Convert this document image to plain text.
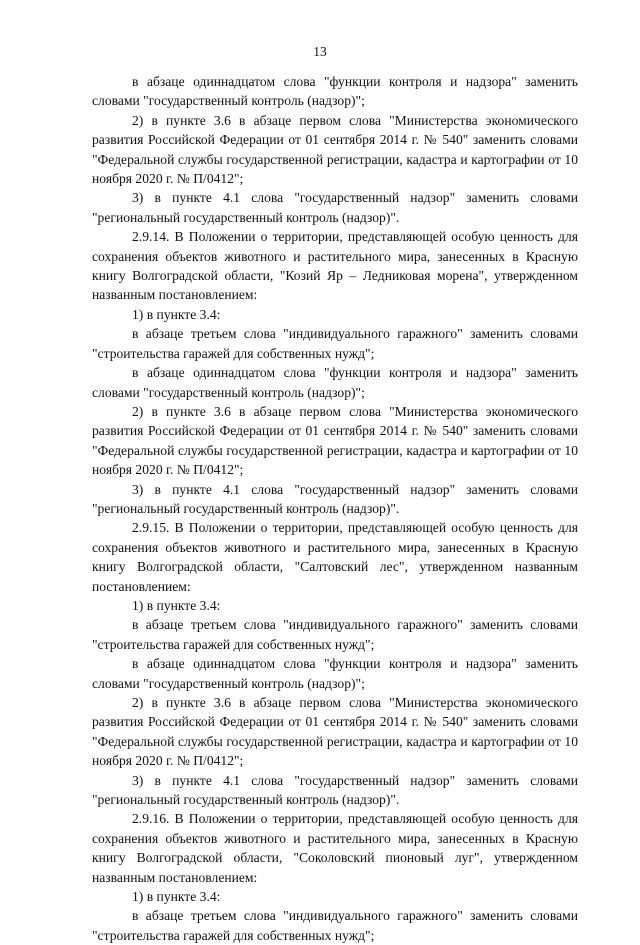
13

в абзаце одиннадцатом слова "функции контроля и надзора" заменить словами "государственный контроль (надзор)";

2) в пункте 3.6 в абзаце первом слова "Министерства экономического развития Российской Федерации от 01 сентября 2014 г. № 540" заменить словами "Федеральной службы государственной регистрации, кадастра и картографии от 10 ноября 2020 г. № П/0412";

3) в пункте 4.1 слова "государственный надзор" заменить словами "региональный государственный контроль (надзор)".

2.9.14. В Положении о территории, представляющей особую ценность для сохранения объектов животного и растительного мира, занесенных в Красную книгу Волгоградской области, "Козий Яр – Ледниковая морена", утвержденном названным постановлением:

1) в пункте 3.4:

в абзаце третьем слова "индивидуального гаражного" заменить словами "строительства гаражей для собственных нужд";

в абзаце одиннадцатом слова "функции контроля и надзора" заменить словами "государственный контроль (надзор)";

2) в пункте 3.6 в абзаце первом слова "Министерства экономического развития Российской Федерации от 01 сентября 2014 г. № 540" заменить словами "Федеральной службы государственной регистрации, кадастра и картографии от 10 ноября 2020 г. № П/0412";

3) в пункте 4.1 слова "государственный надзор" заменить словами "региональный государственный контроль (надзор)".

2.9.15. В Положении о территории, представляющей особую ценность для сохранения объектов животного и растительного мира, занесенных в Красную книгу Волгоградской области, "Салтовский лес", утвержденном названным постановлением:

1) в пункте 3.4:

в абзаце третьем слова "индивидуального гаражного" заменить словами "строительства гаражей для собственных нужд";

в абзаце одиннадцатом слова "функции контроля и надзора" заменить словами "государственный контроль (надзор)";

2) в пункте 3.6 в абзаце первом слова "Министерства экономического развития Российской Федерации от 01 сентября 2014 г. № 540" заменить словами "Федеральной службы государственной регистрации, кадастра и картографии от 10 ноября 2020 г. № П/0412";

3) в пункте 4.1 слова "государственный надзор" заменить словами "региональный государственный контроль (надзор)".

2.9.16. В Положении о территории, представляющей особую ценность для сохранения объектов животного и растительного мира, занесенных в Красную книгу Волгоградской области, "Соколовский пионовый луг", утвержденном названным постановлением:

1) в пункте 3.4:

в абзаце третьем слова "индивидуального гаражного" заменить словами "строительства гаражей для собственных нужд";
